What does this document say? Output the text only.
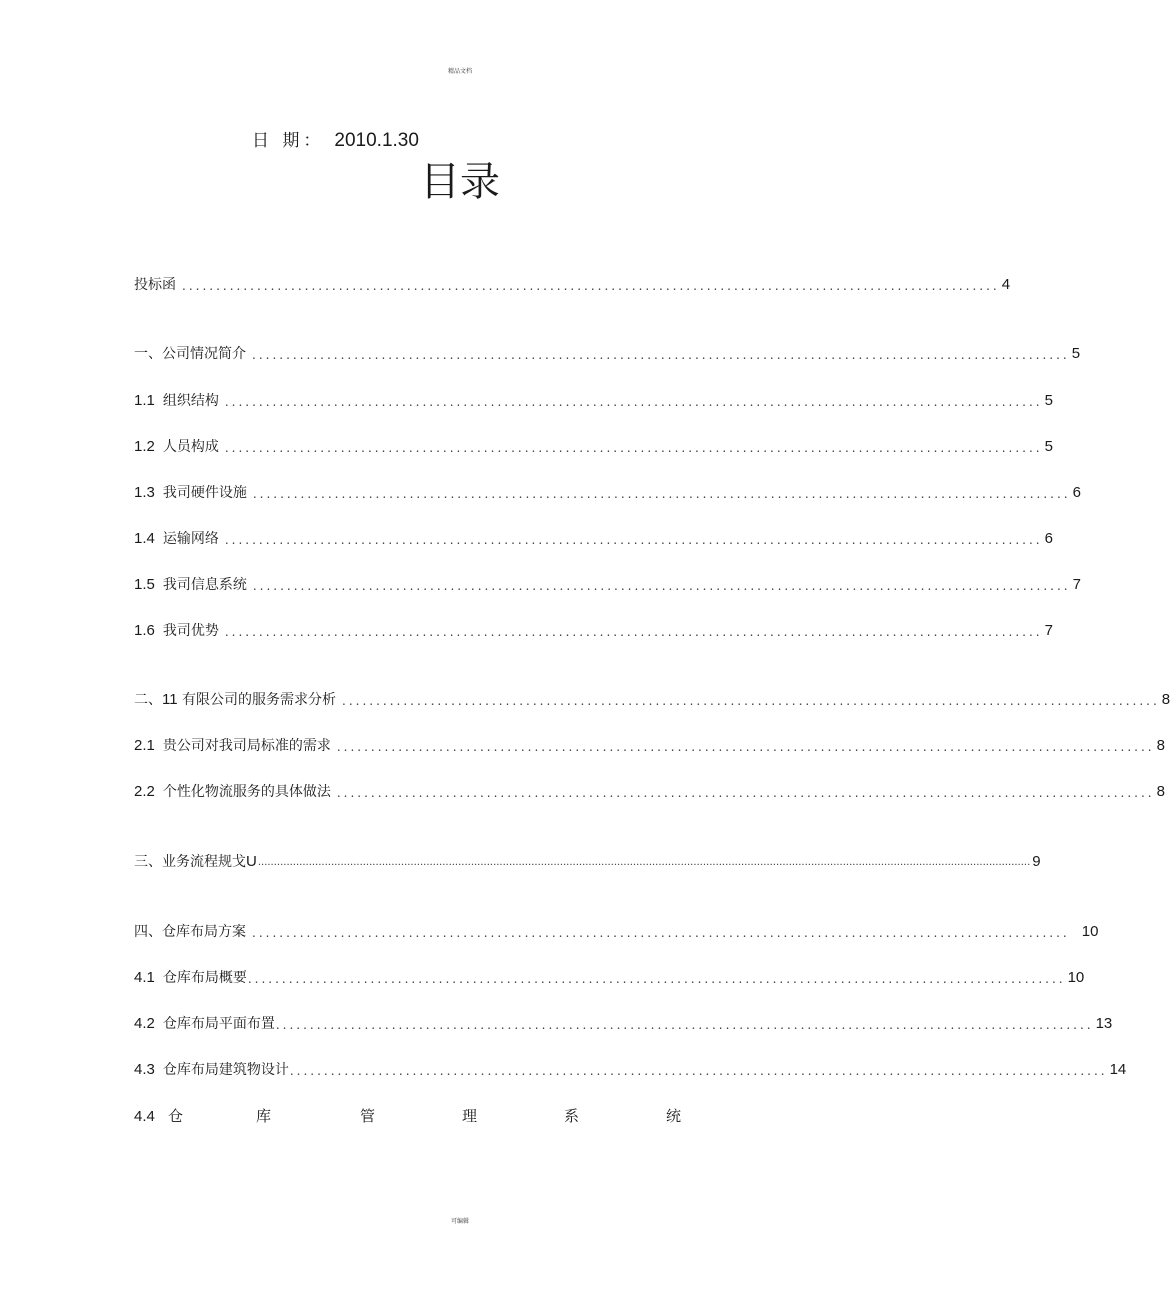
精品文档
日 期： 2010.1.30
目录
投标函 ........................................................................................................................ 4
一、公司情况简介 ........................................................................................................................ 5
1.1 组织结构 ........................................................................................................................ 5
1.2 人员构成 ........................................................................................................................ 5
1.3 我司硬件设施 ........................................................................................................................ 6
1.4 运输网络 ........................................................................................................................ 6
1.5 我司信息系统 ........................................................................................................................ 7
1.6 我司优势 ........................................................................................................................ 7
二、11 有限公司的服务需求分析 ........................................................................................................................ 8
2.1 贵公司对我司局标准的需求 ........................................................................................................................ 8
2.2 个性化物流服务的具体做法 ........................................................................................................................ 8
三、业务流程规戈U ................................................................................................................................................................................................................................................... 9
四、仓库布局方案 ........................................................................................................................ 10
4.1 仓库布局概要 ........................................................................................................................ 10
4.2 仓库布局平面布置 ........................................................................................................................ 13
4.3 仓库布局建筑物设计 ........................................................................................................................ 14
4.4 仓	库	管	理	系	统
可编辑
